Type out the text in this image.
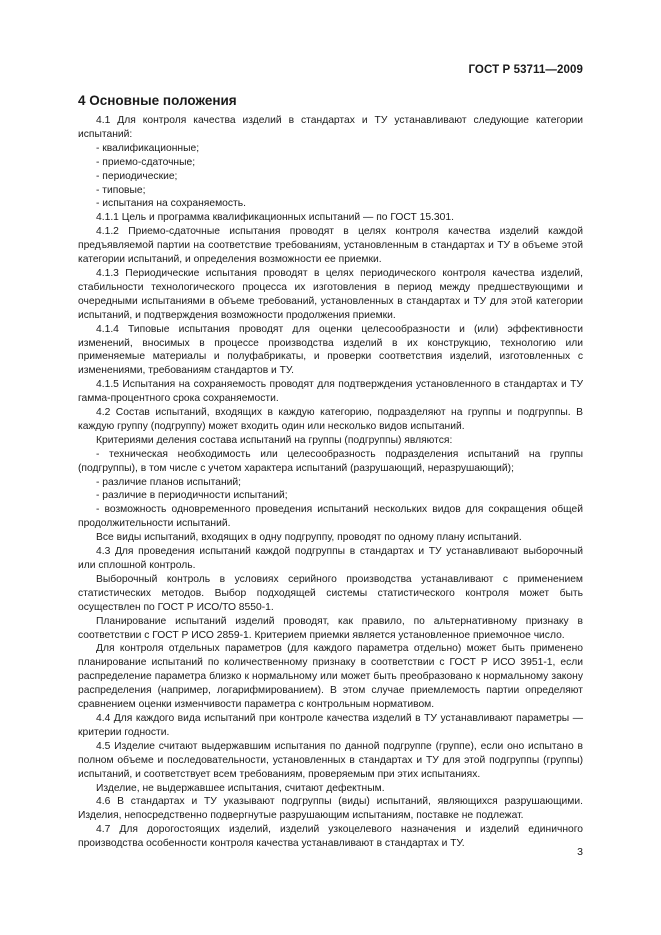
ГОСТ Р 53711—2009
4 Основные положения

4.1 Для контроля качества изделий в стандартах и ТУ устанавливают следующие категории испытаний:

- квалификационные;

- приемо-сдаточные;

- периодические;

- типовые;

- испытания на сохраняемость.

4.1.1 Цель и программа квалификационных испытаний — по ГОСТ 15.301.

4.1.2 Приемо-сдаточные испытания проводят в целях контроля качества изделий каждой предъявляемой партии на соответствие требованиям, установленным в стандартах и ТУ в объеме этой категории испытаний, и определения возможности ее приемки.

4.1.3 Периодические испытания проводят в целях периодического контроля качества изделий, стабильности технологического процесса их изготовления в период между предшествующими и очередными испытаниями в объеме требований, установленных в стандартах и ТУ для этой категории испытаний, и подтверждения возможности продолжения приемки.

4.1.4 Типовые испытания проводят для оценки целесообразности и (или) эффективности изменений, вносимых в процессе производства изделий в их конструкцию, технологию или применяемые материалы и полуфабрикаты, и проверки соответствия изделий, изготовленных с изменениями, требованиям стандартов и ТУ.

4.1.5 Испытания на сохраняемость проводят для подтверждения установленного в стандартах и ТУ гамма-процентного срока сохраняемости.

4.2 Состав испытаний, входящих в каждую категорию, подразделяют на группы и подгруппы. В каждую группу (подгруппу) может входить один или несколько видов испытаний.

Критериями деления состава испытаний на группы (подгруппы) являются:

- техническая необходимость или целесообразность подразделения испытаний на группы (подгруппы), в том числе с учетом характера испытаний (разрушающий, неразрушающий);

- различие планов испытаний;

- различие в периодичности испытаний;

- возможность одновременного проведения испытаний нескольких видов для сокращения общей продолжительности испытаний.

Все виды испытаний, входящих в одну подгруппу, проводят по одному плану испытаний.

4.3 Для проведения испытаний каждой подгруппы в стандартах и ТУ устанавливают выборочный или сплошной контроль.

Выборочный контроль в условиях серийного производства устанавливают с применением статистических методов. Выбор подходящей системы статистического контроля может быть осуществлен по ГОСТ Р ИСО/ТО 8550-1.

Планирование испытаний изделий проводят, как правило, по альтернативному признаку в соответствии с ГОСТ Р ИСО 2859-1. Критерием приемки является установленное приемочное число.

Для контроля отдельных параметров (для каждого параметра отдельно) может быть применено планирование испытаний по количественному признаку в соответствии с ГОСТ Р ИСО 3951-1, если распределение параметра близко к нормальному или может быть преобразовано к нормальному закону распределения (например, логарифмированием). В этом случае приемлемость партии определяют сравнением оценки изменчивости параметра с контрольным нормативом.

4.4 Для каждого вида испытаний при контроле качества изделий в ТУ устанавливают параметры — критерии годности.

4.5 Изделие считают выдержавшим испытания по данной подгруппе (группе), если оно испытано в полном объеме и последовательности, установленных в стандартах и ТУ для этой подгруппы (группы) испытаний, и соответствует всем требованиям, проверяемым при этих испытаниях.

Изделие, не выдержавшее испытания, считают дефектным.

4.6 В стандартах и ТУ указывают подгруппы (виды) испытаний, являющихся разрушающими. Изделия, непосредственно подвергнутые разрушающим испытаниям, поставке не подлежат.

4.7 Для дорогостоящих изделий, изделий узкоцелевого назначения и изделий единичного производства особенности контроля качества устанавливают в стандартах и ТУ.

3
